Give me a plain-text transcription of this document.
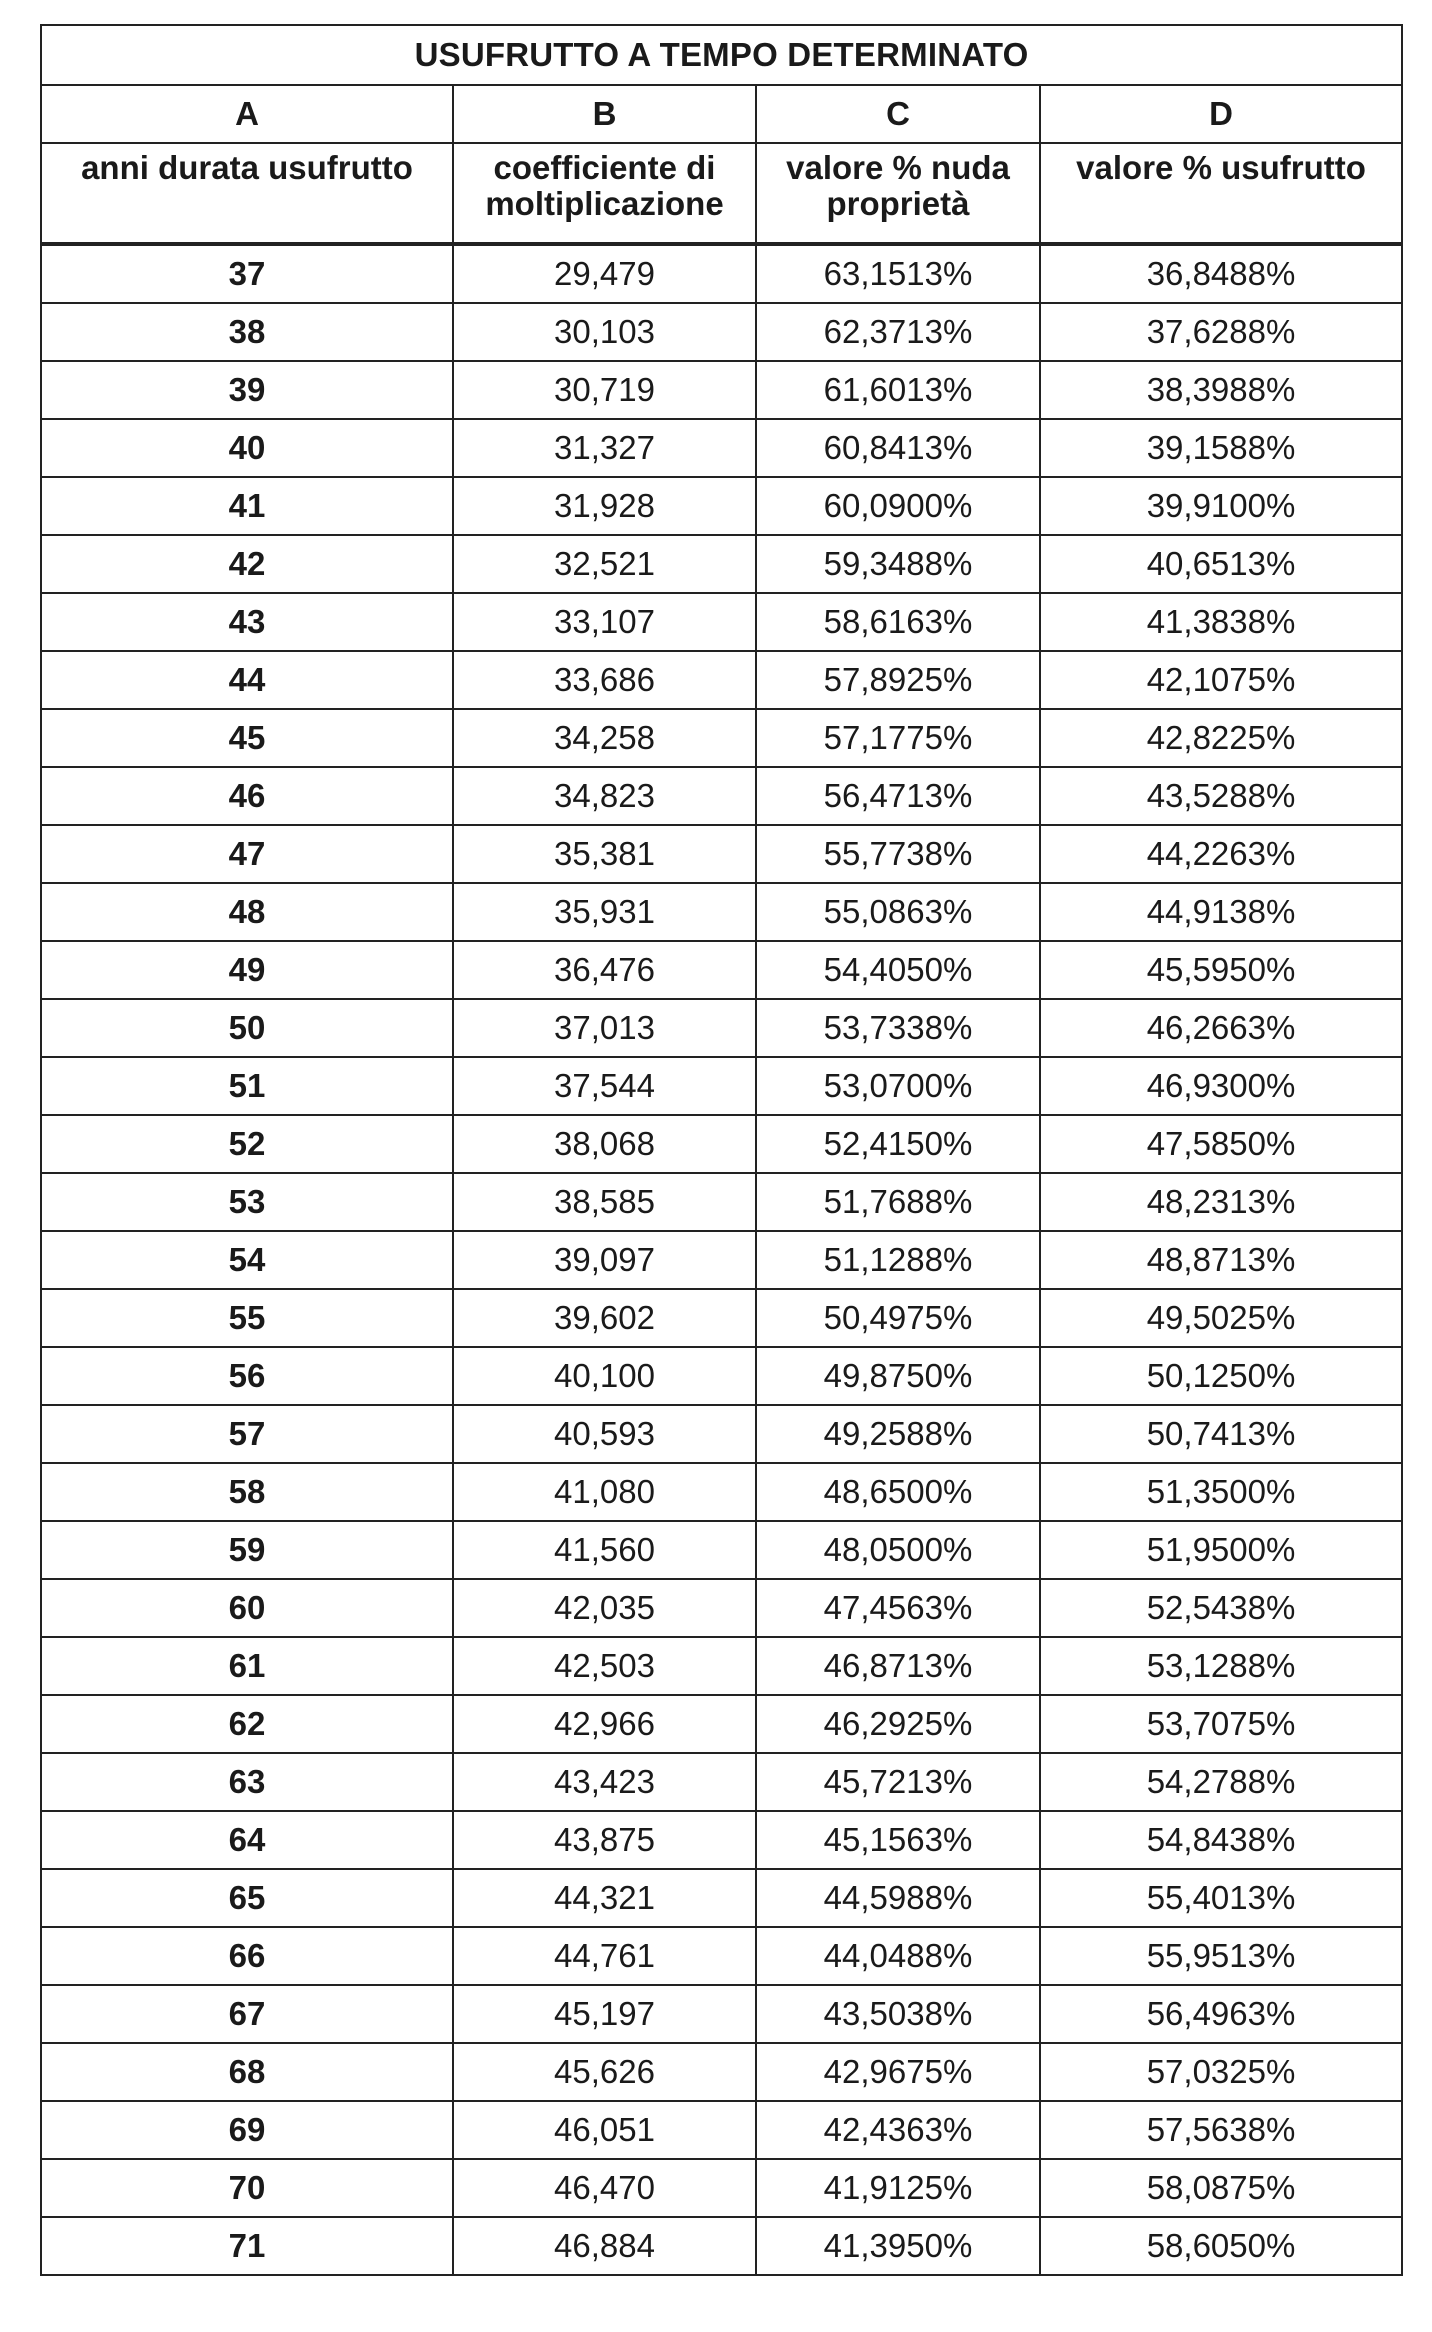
USUFRUTTO A TEMPO DETERMINATO			
A	B	C	D
anni durata usufrutto	coefficiente di moltiplicazione	valore % nuda proprietà	valore % usufrutto
37	29,479	63,1513%	36,8488%
38	30,103	62,3713%	37,6288%
39	30,719	61,6013%	38,3988%
40	31,327	60,8413%	39,1588%
41	31,928	60,0900%	39,9100%
42	32,521	59,3488%	40,6513%
43	33,107	58,6163%	41,3838%
44	33,686	57,8925%	42,1075%
45	34,258	57,1775%	42,8225%
46	34,823	56,4713%	43,5288%
47	35,381	55,7738%	44,2263%
48	35,931	55,0863%	44,9138%
49	36,476	54,4050%	45,5950%
50	37,013	53,7338%	46,2663%
51	37,544	53,0700%	46,9300%
52	38,068	52,4150%	47,5850%
53	38,585	51,7688%	48,2313%
54	39,097	51,1288%	48,8713%
55	39,602	50,4975%	49,5025%
56	40,100	49,8750%	50,1250%
57	40,593	49,2588%	50,7413%
58	41,080	48,6500%	51,3500%
59	41,560	48,0500%	51,9500%
60	42,035	47,4563%	52,5438%
61	42,503	46,8713%	53,1288%
62	42,966	46,2925%	53,7075%
63	43,423	45,7213%	54,2788%
64	43,875	45,1563%	54,8438%
65	44,321	44,5988%	55,4013%
66	44,761	44,0488%	55,9513%
67	45,197	43,5038%	56,4963%
68	45,626	42,9675%	57,0325%
69	46,051	42,4363%	57,5638%
70	46,470	41,9125%	58,0875%
71	46,884	41,3950%	58,6050%
